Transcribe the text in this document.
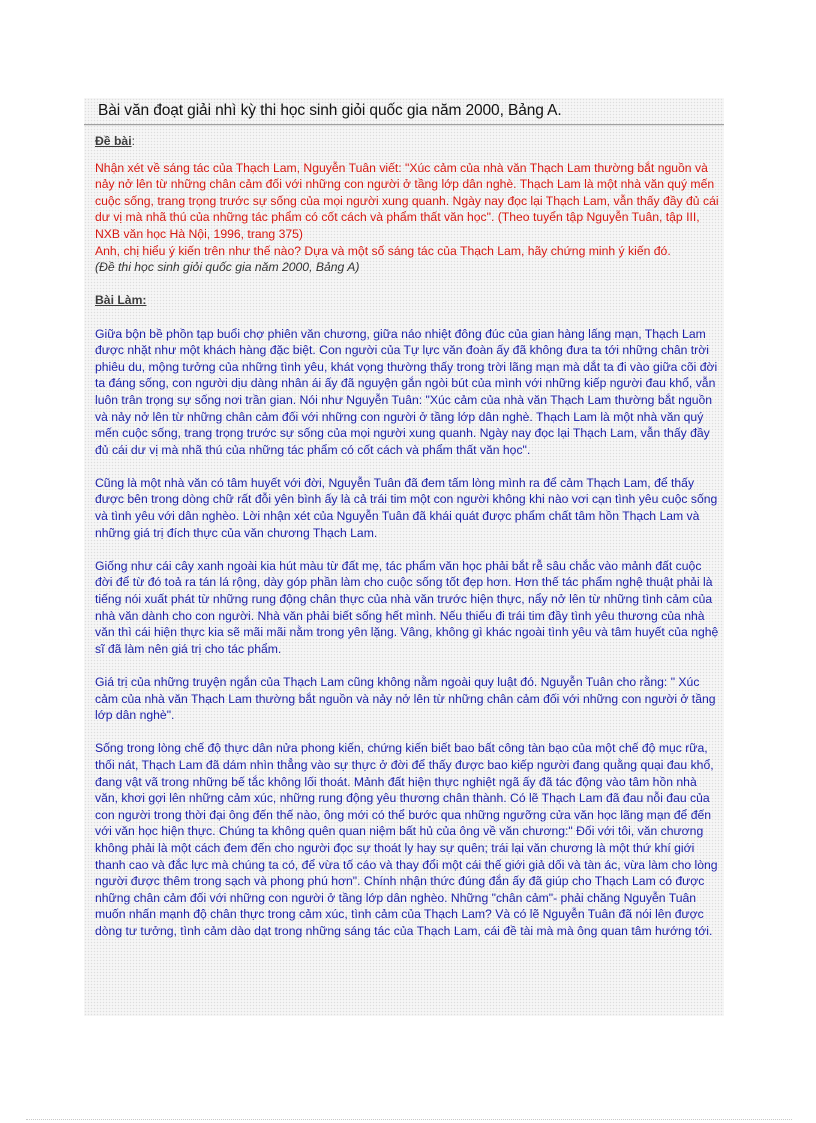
Bài văn đoạt giải nhì kỳ thi học sinh giỏi quốc gia năm 2000, Bảng A.

Đề bài:

Nhận xét về sáng tác của Thạch Lam, Nguyễn Tuân viết: "Xúc cảm của nhà văn Thạch Lam thường bắt nguồn và nảy nở lên từ những chân cảm đối với những con người ở tầng lớp dân nghè. Thạch Lam là một nhà văn quý mến cuộc sống, trang trọng trước sự sống của mọi người xung quanh. Ngày nay đọc lại Thạch Lam, vẫn thấy đầy đủ cái dư vị mà nhã thú của những tác phẩm có cốt cách và phẩm thất văn học". (Theo tuyển tập Nguyễn Tuân, tập III, NXB văn học Hà Nội, 1996, trang 375)

Anh, chị hiểu ý kiến trên như thế nào? Dựa và một số sáng tác của Thạch Lam, hãy chứng minh ý kiến đó.

(Đề thi học sinh giỏi quốc gia năm 2000, Bảng A)

Bài Làm:

Giữa bộn bề phồn tạp buổi chợ phiên văn chương, giữa náo nhiệt đông đúc của gian hàng lấng mạn, Thạch Lam được nhặt như một khách hàng đặc biệt. Con người của Tự lực văn đoàn ấy đã không đưa ta tới những chân trời phiêu du, mộng tưởng của những tình yêu, khát vọng thường thấy trong trời lãng mạn mà dắt ta đi vào giữa cõi đời ta đáng sống, con người dịu dàng nhân ái ấy đã nguyện gắn ngòi bút của mình với những kiếp người đau khổ, vẫn luôn trân trọng sự sống nơi trần gian. Nói như Nguyễn Tuân: "Xúc cảm của nhà văn Thạch Lam thường bắt nguồn và nảy nở lên từ những chân cảm đối với những con người ở tầng lớp dân nghè. Thạch Lam là một nhà văn quý mến cuộc sống, trang trọng trước sự sống của mọi người xung quanh. Ngày nay đọc lại Thạch Lam, vẫn thấy đầy đủ cái dư vị mà nhã thú của những tác phẩm có cốt cách và phẩm thất văn học".

Cũng là một nhà văn có tâm huyết với đời, Nguyễn Tuân đã đem tấm lòng mình ra để cảm Thạch Lam, để thấy được bên trong dòng chữ rất đỗi yên bình ấy là cả trái tim một con người không khi nào vơi cạn tình yêu cuộc sống và tình yêu với dân nghèo. Lời nhận xét của Nguyễn Tuân đã khái quát được phẩm chất tâm hồn Thạch Lam và những giá trị đích thực của văn chương Thạch Lam.

Giống như cái cây xanh ngoài kia hút màu từ đất mẹ, tác phẩm văn học phải bắt rễ sâu chắc vào mảnh đất cuộc đời để từ đó toả ra tán lá rộng, dày góp phần làm cho cuộc sống tốt đẹp hơn. Hơn thế tác phẩm nghệ thuật phải là tiếng nói xuất phát từ những rung động chân thực của nhà văn trước hiện thực, nẩy nở lên từ những tình cảm của nhà văn dành cho con người. Nhà văn phải biết sống hết mình. Nếu thiếu đi trái tim đầy tình yêu thương của nhà văn thì cái hiện thực kia sẽ mãi mãi nằm trong yên lặng. Vâng, không gì khác ngoài tình yêu và tâm huyết của nghệ sĩ đã làm nên giá trị cho tác phẩm.

Giá trị của những truyện ngắn của Thạch Lam cũng không nằm ngoài quy luật đó. Nguyễn Tuân cho rằng: " Xúc cảm của nhà văn Thạch Lam thường bắt nguồn và nảy nở lên từ những chân cảm đối với những con người ở tầng lớp dân nghè".

Sống trong lòng chế độ thực dân nửa phong kiến, chứng kiến biết bao bất công tàn bạo của một chế độ mục rữa, thối nát, Thạch Lam đã dám nhìn thẳng vào sự thực ở đời để thấy được bao kiếp người đang quằng quại đau khổ, đang vật vã trong những bế tắc không lối thoát. Mảnh đất hiện thực nghiệt ngã ấy đã tác động vào tâm hồn nhà văn, khơi gợi lên những cảm xúc, những rung động yêu thương chân thành. Có lẽ Thạch Lam đã đau nỗi đau của con người trong thời đại ông đến thế nào, ông mới có thể bước qua những ngưỡng cửa văn học lãng mạn để đến với văn học hiện thực. Chúng ta không quên quan niệm bất hủ của ông về văn chương:" Đối với tôi, văn chương không phải là một cách đem đến cho người đọc sự thoát ly hay sự quên; trái lại văn chương là một thứ khí giới thanh cao và đắc lực mà chúng ta có, để vừa tố cáo và thay đổi một cái thế giới giả dối và tàn ác, vừa làm cho lòng người được thêm trong sạch và phong phú hơn". Chính nhận thức đúng đắn ấy đã giúp cho Thạch Lam có được những chân cảm đối với những con người ở tầng lớp dân nghèo. Những "chân cảm"- phải chăng Nguyễn Tuân muốn nhấn mạnh độ chân thực trong cảm xúc, tình cảm của Thạch Lam? Và có lẽ Nguyễn Tuân đã nói lên được dòng tư tưởng, tình cảm dào dạt trong những sáng tác của Thạch Lam, cái đề tài mà mà ông quan tâm hướng tới.
